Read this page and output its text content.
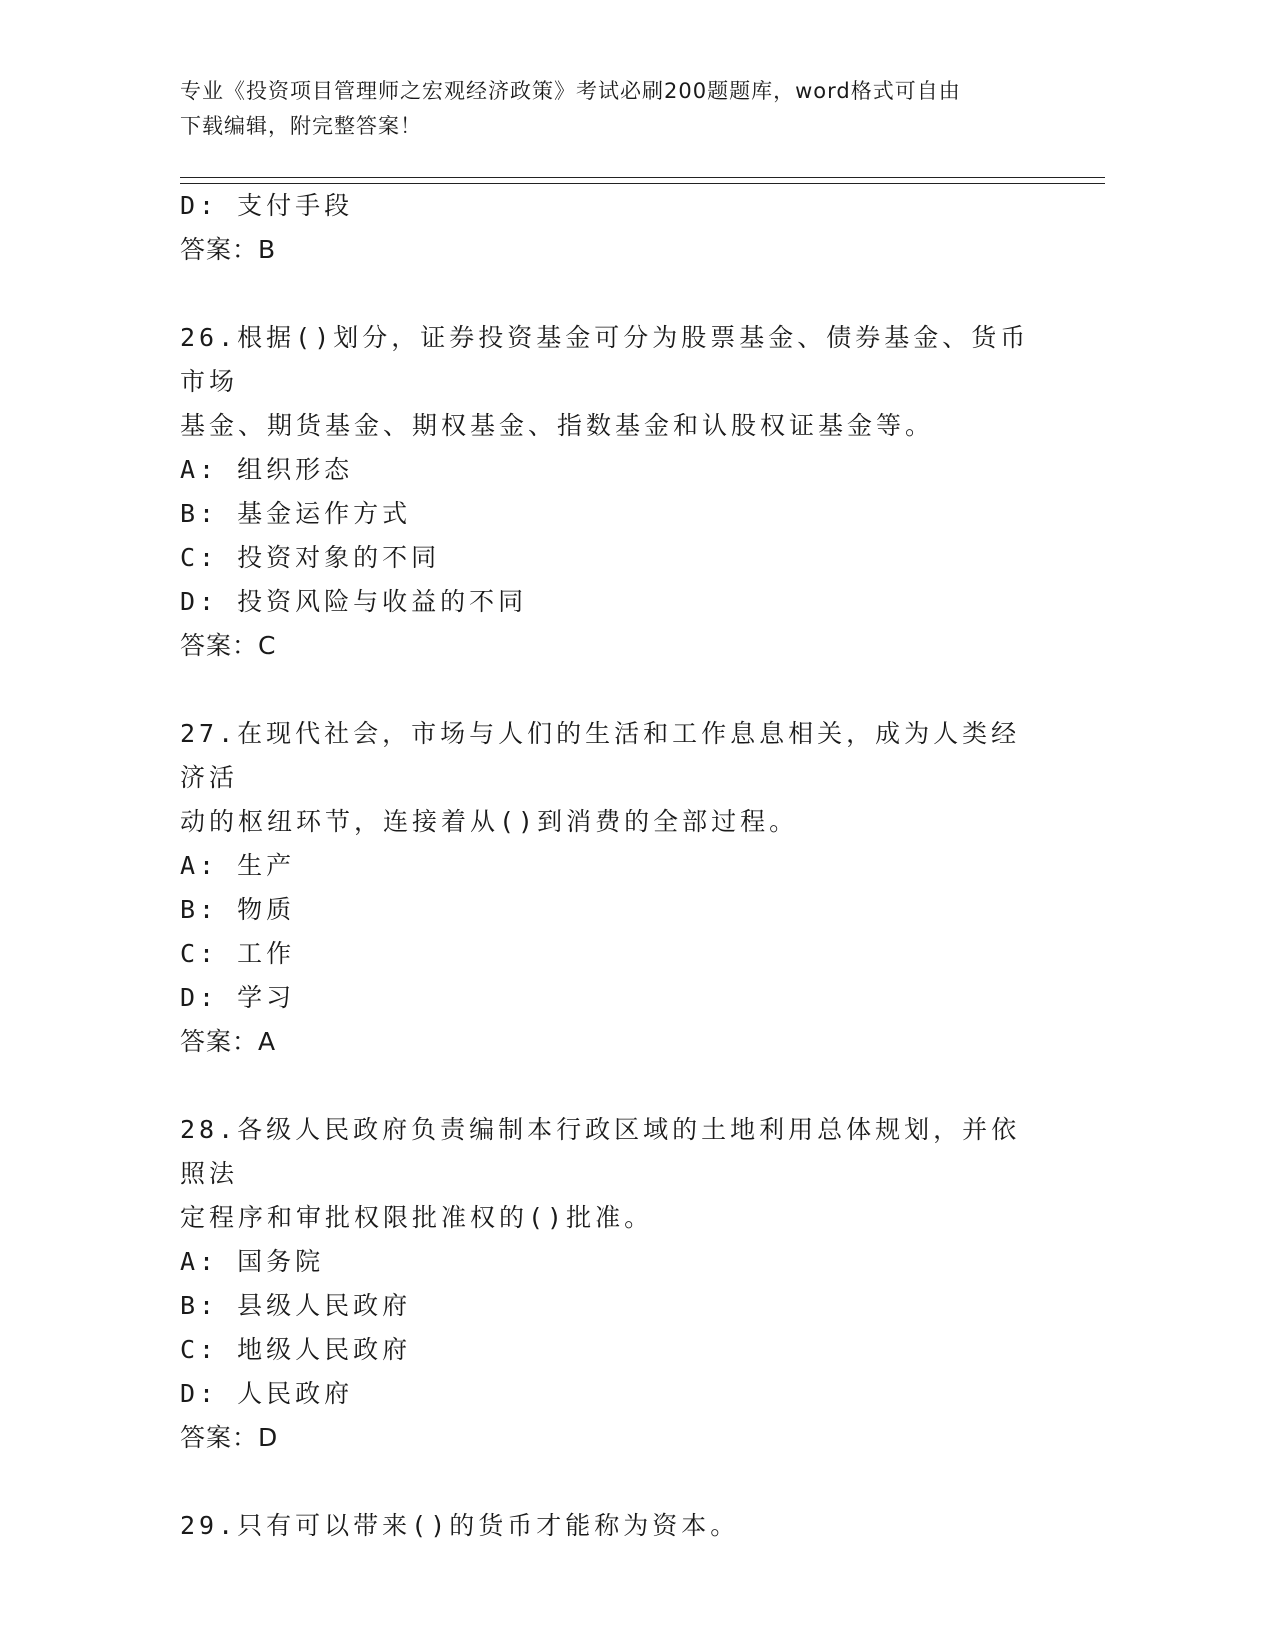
专业《投资项目管理师之宏观经济政策》考试必刷200题题库，word格式可自由
下载编辑，附完整答案！
D: 支付手段
答案：B
26.根据()划分，证券投资基金可分为股票基金、债券基金、货币市场
基金、期货基金、期权基金、指数基金和认股权证基金等。
A: 组织形态
B: 基金运作方式
C: 投资对象的不同
D: 投资风险与收益的不同
答案：C
27.在现代社会，市场与人们的生活和工作息息相关，成为人类经济活
动的枢纽环节，连接着从()到消费的全部过程。
A: 生产
B: 物质
C: 工作
D: 学习
答案：A
28.各级人民政府负责编制本行政区域的土地利用总体规划，并依照法
定程序和审批权限批准权的()批准。
A: 国务院
B: 县级人民政府
C: 地级人民政府
D: 人民政府
答案：D
29.只有可以带来()的货币才能称为资本。
